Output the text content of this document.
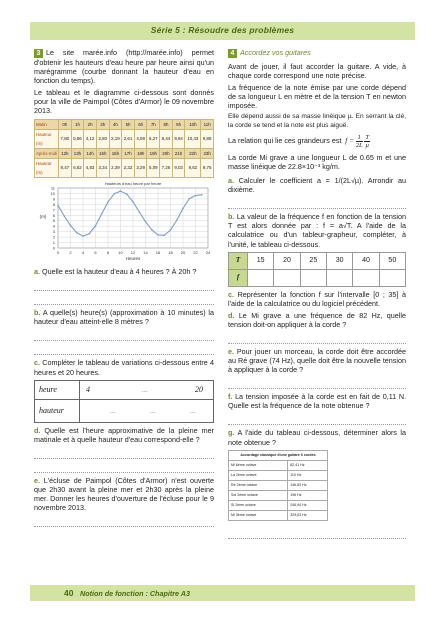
Série 5 : Résoudre des problèmes

3 Le site marée.info (http://marée.info) permet d'obtenir les hauteurs d'eau heure par heure ainsi qu'un marégramme (courbe donnant la hauteur d'eau en fonction du temps).

Le tableau et le diagramme ci-dessous sont donnés pour la ville de Paimpol (Côtes d'Armor) le 09 novembre 2013.

Matin	0h	1h	2h	3h	4h	5h	6h	7h	8h	9h	10h	11h
Hauteur (m)	7,80	5,86	4,12	2,80	2,19	2,61	4,08	6,27	8,44	9,94	10,43	9,88
Après-midi	12h	13h	14h	15h	16h	17h	18h	19h	20h	21h	22h	23h
Hauteur (m)	8,47	6,62	4,83	3,34	2,39	2,32	3,29	5,09	7,26	9,03	9,62	9,75
0
1
2
3
4
5
6
7
8
9
10
11
0	2	4	6	8 10 12 14 16 18 20 22 24
Hauteurs d'eau heure par heure
Heures
(m)

a. Quelle est la hauteur d'eau à 4 heures ? À 20h ?

b. A quelle(s) heure(s) (approximation à 10 minutes) la hauteur d'eau atteint-elle 8 mètres ?

c. Compléter le tableau de variations ci-dessous entre 4 heures et 20 heures.

heure	4 ... 20

hauteur	... ... ...

d. Quelle est l'heure approximative de la pleine mer matinale et à quelle hauteur d'eau correspond-elle ?

e. L'écluse de Paimpol (Côtes d'Armor) n'est ouverte que 2h30 avant la pleine mer et 2h30 après la pleine mer. Donner les heures d'ouverture de l'écluse pour le 9 novembre 2013.

4 Accordez vos guitares

Avant de jouer, il faut accorder la guitare. A vide, à chaque corde correspond une note précise.

La fréquence de la note émise par une corde dépend de sa longueur L en mètre et de la tension T en newton imposée.

Elle dépend aussi de sa masse linéique µ. En serrant la clé, la corde se tend et la note est plus aiguë.

La relation qui lie ces grandeurs est  $f = \frac{1}{2L}$
$\frac{T}{\text{µ}}$

La corde Mi grave a une longueur L de 0.65 m et une masse linéique de 22.8×10⁻³ kg/m.

a. Calculer le coefficient a = 1/(2L√µ). Arrondir au dixième.

b. La valeur de la fréquence f en fonction de la tension T est alors donnée par : f = a√T. A l'aide de la calculatrice ou d'un tableur-grapheur, compléter, à l'unité, le tableau ci-dessous.

T	15	20	25	30	40	50
f						

c. Représenter la fonction f sur l'intervalle [0 ; 35] à l'aide de la calculatrice ou du logiciel précédent.

d. Le Mi grave a une fréquence de 82 Hz, quelle tension doit-on appliquer à la corde ?

e. Pour jouer un morceau, la corde doit être accordée au Ré grave (74 Hz), quelle doit être la nouvelle tension à appliquer à la corde ?

f. La tension imposée à la corde est en fait de 0,11 N. Quelle est la fréquence de la note obtenue ?

g. A l'aide du tableau ci-dessous, déterminer alors la note obtenue ?

Accordage classique d'une guitare 6 cordes	
Mi 6ème octave	82,41 Hz
La 2ème octave	110 Hz
Ré 2ème octave	146,83 Hz
Sol 2ème octave	196 Hz
Si 2ème octave	246,94 Hz
Mi 3ème octave	329,63 Hz
40 Notion de fonction : Chapitre A3
